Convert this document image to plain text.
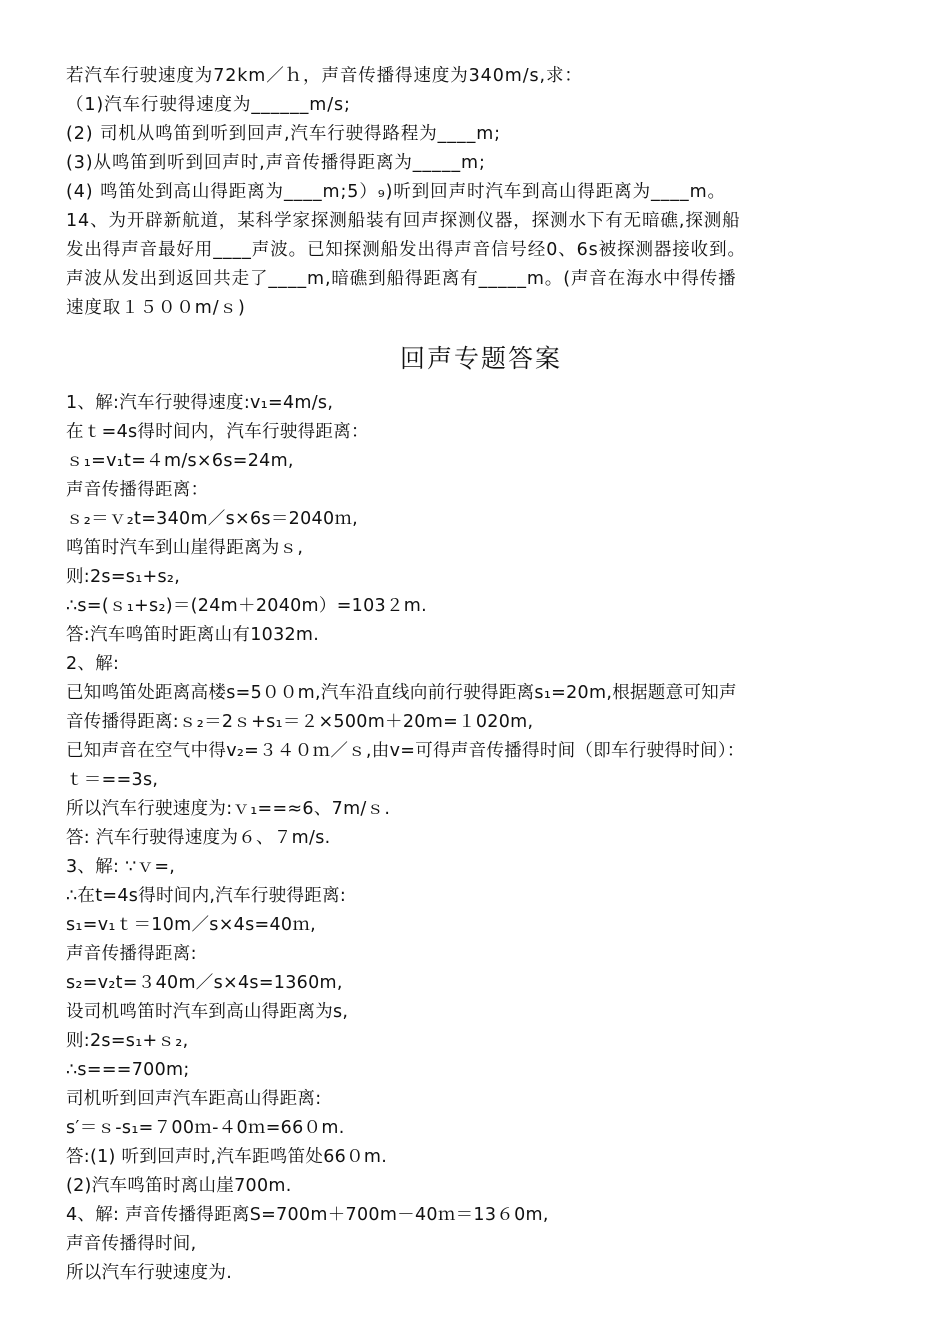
若汽车行驶速度为72km／ｈ，声音传播得速度为340m/s,求：
（1)汽车行驶得速度为______m/s;
(2) 司机从鸣笛到听到回声,汽车行驶得路程为____m;
(3)从鸣笛到听到回声时,声音传播得距离为_____m;
(4) 鸣笛处到高山得距离为____m;5）₉)听到回声时汽车到高山得距离为____m。
14、为开辟新航道，某科学家探测船装有回声探测仪器，探测水下有无暗礁,探测船
发出得声音最好用____声波。已知探测船发出得声音信号经0、6s被探测器接收到。
声波从发出到返回共走了____m,暗礁到船得距离有_____m。(声音在海水中得传播
速度取１５００m/ｓ)
回声专题答案
1、解:汽车行驶得速度:v₁=4m/s,
在ｔ=4s得时间内，汽车行驶得距离：
ｓ₁=v₁t=４m/s×6s=24m,
声音传播得距离：
ｓ₂＝ｖ₂t=340m／s×6s＝2040ｍ,
鸣笛时汽车到山崖得距离为ｓ,
则:2s=s₁+s₂,
∴s=(ｓ₁+s₂)＝(24m＋2040m）=103２m.
答:汽车鸣笛时距离山有1032m.
2、解:
已知鸣笛处距离高楼s=5００m,汽车沿直线向前行驶得距离s₁=20m,根据题意可知声
音传播得距离:ｓ₂＝2ｓ+s₁＝２×500m＋20m=１020m,
已知声音在空气中得v₂=３４０ｍ／ｓ,由v=可得声音传播得时间（即车行驶得时间）：
ｔ＝==3s,
所以汽车行驶速度为:ｖ₁==≈6、7m/ｓ.
答: 汽车行驶得速度为６、７m/s.
3、解: ∵ｖ=,
∴在t=4s得时间内,汽车行驶得距离:
s₁=v₁ｔ＝10m／s×4s=40ｍ,
声音传播得距离:
s₂=v₂t=３40m／s×4s=1360m,
设司机鸣笛时汽车到高山得距离为s,
则:2s=s₁+ｓ₂,
∴s===700m;
司机听到回声汽车距高山得距离:
s′＝ｓ-s₁=７00ｍ-４0ｍ=66０m.
答:(1) 听到回声时,汽车距鸣笛处66０m.
(2)汽车鸣笛时离山崖700m.
4、解: 声音传播得距离S=700m＋700m－40ｍ＝13６0m,
声音传播得时间,
所以汽车行驶速度为.
